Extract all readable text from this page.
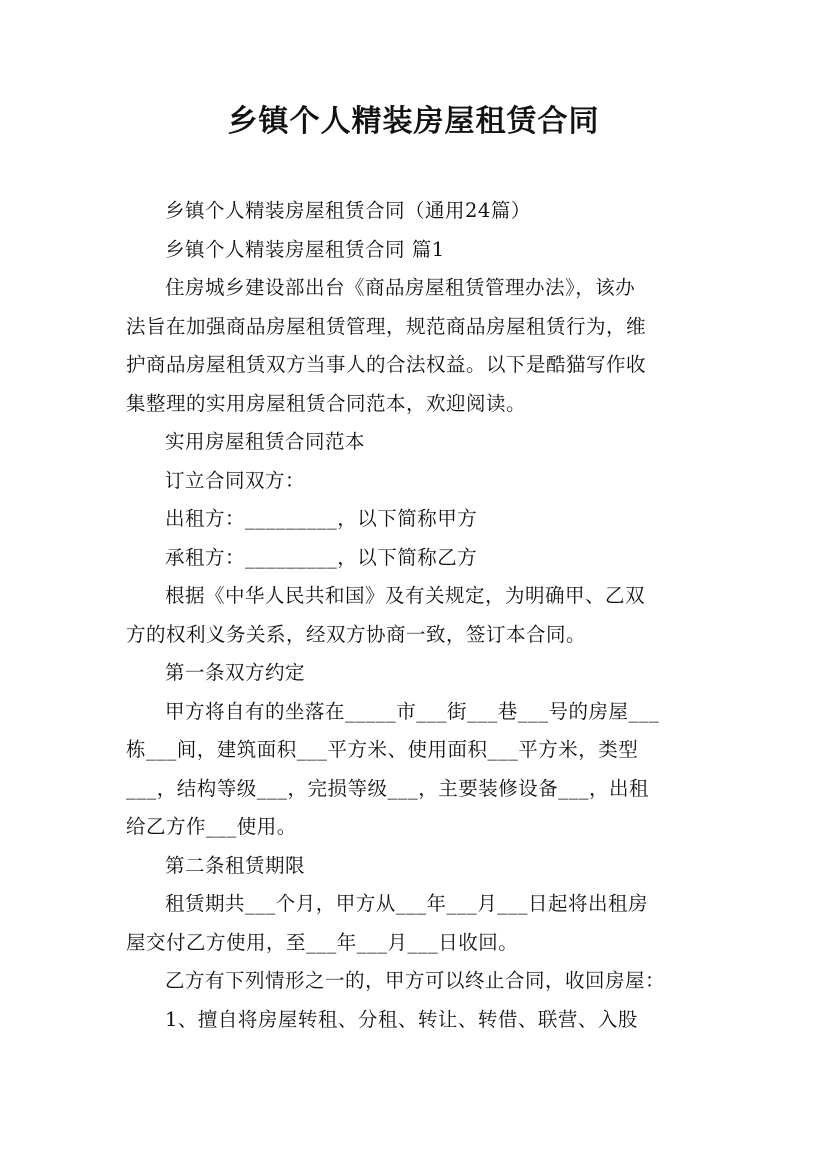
乡镇个人精装房屋租赁合同
乡镇个人精装房屋租赁合同（通用24篇）
乡镇个人精装房屋租赁合同 篇1
住房城乡建设部出台《商品房屋租赁管理办法》，该办
法旨在加强商品房屋租赁管理，规范商品房屋租赁行为，维
护商品房屋租赁双方当事人的合法权益。以下是酷猫写作收
集整理的实用房屋租赁合同范本，欢迎阅读。
实用房屋租赁合同范本
订立合同双方：
出租方：_________，以下简称甲方
承租方：_________，以下简称乙方
根据《中华人民共和国》及有关规定，为明确甲、乙双
方的权利义务关系，经双方协商一致，签订本合同。
第一条双方约定
甲方将自有的坐落在_____市___街___巷___号的房屋___
栋___间，建筑面积___平方米、使用面积___平方米，类型
___，结构等级___，完损等级___，主要装修设备___，出租
给乙方作___使用。
第二条租赁期限
租赁期共___个月，甲方从___年___月___日起将出租房
屋交付乙方使用，至___年___月___日收回。
乙方有下列情形之一的，甲方可以终止合同，收回房屋：
1、擅自将房屋转租、分租、转让、转借、联营、入股
